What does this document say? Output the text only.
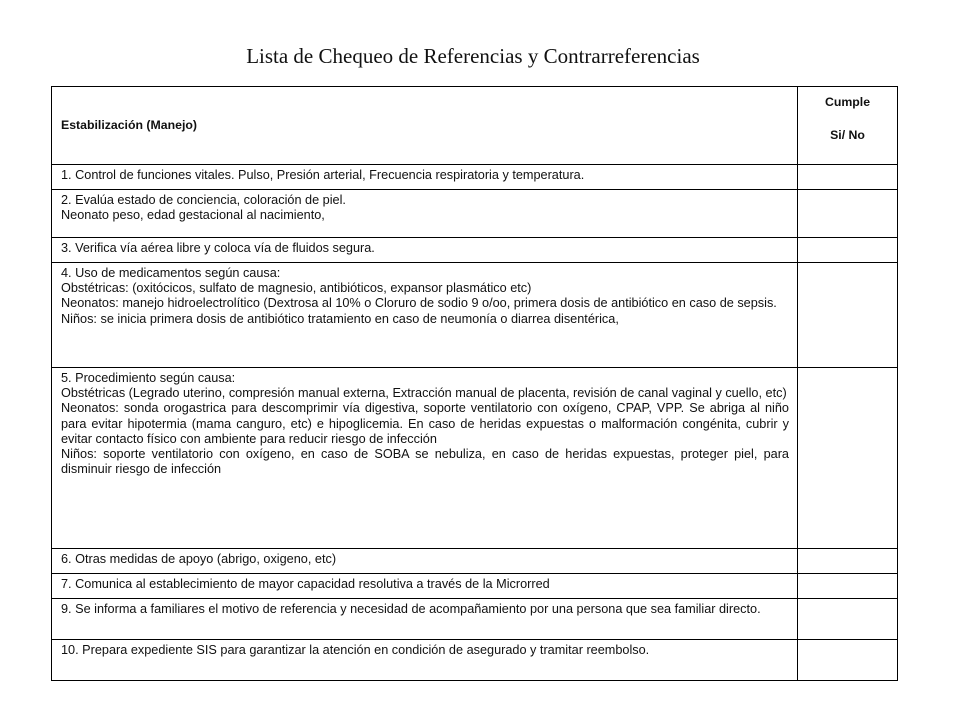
Lista de Chequeo de Referencias y Contrarreferencias
Estabilización (Manejo)	Cumple
Si/ No

1. Control de funciones vitales. Pulso, Presión arterial, Frecuencia respiratoria y temperatura.	

2. Evalúa estado de conciencia, coloración de piel.
Neonato peso, edad gestacional al nacimiento,	

3. Verifica vía aérea libre y coloca vía de fluidos segura.	

4. Uso de medicamentos según causa:
Obstétricas: (oxitócicos, sulfato de magnesio, antibióticos, expansor plasmático etc)
Neonatos: manejo hidroelectrolítico (Dextrosa al 10% o Cloruro de sodio 9 o/oo, primera dosis de antibiótico en caso de sepsis.
Niños: se inicia primera dosis de antibiótico tratamiento en caso de neumonía o diarrea disentérica,	

5. Procedimiento según causa:
Obstétricas (Legrado uterino, compresión manual externa, Extracción manual de placenta, revisión de canal vaginal y cuello, etc)
Neonatos: sonda orogastrica para descomprimir vía digestiva, soporte ventilatorio con oxígeno, CPAP, VPP. Se abriga al niño para evitar hipotermia (mama canguro, etc) e hipoglicemia. En caso de heridas expuestas o malformación congénita, cubrir y evitar contacto físico con ambiente para reducir riesgo de infección
Niños: soporte ventilatorio con oxígeno, en caso de SOBA se nebuliza, en caso de heridas expuestas, proteger piel, para disminuir riesgo de infección	

6. Otras medidas de apoyo (abrigo, oxigeno, etc)	

7. Comunica al establecimiento de mayor capacidad resolutiva a través de la Microrred	

9. Se informa a familiares el motivo de referencia y necesidad de acompañamiento por una persona que sea familiar directo.	

10. Prepara expediente SIS para garantizar la atención en condición de asegurado y tramitar reembolso.	
